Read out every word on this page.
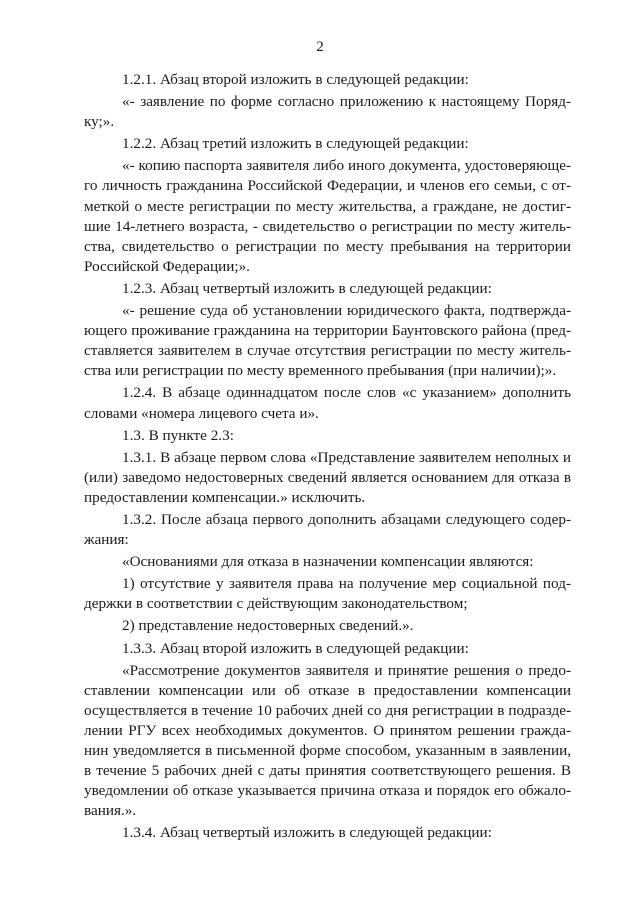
2

1.2.1. Абзац второй изложить в следующей редакции:

«- заявление по форме согласно приложению к настоящему Порядку;».

1.2.2. Абзац третий изложить в следующей редакции:

«- копию паспорта заявителя либо иного документа, удостоверяющего личность гражданина Российской Федерации, и членов его семьи, с отметкой о месте регистрации по месту жительства, а граждане, не достигшие 14-летнего возраста, - свидетельство о регистрации по месту жительства, свидетельство о регистрации по месту пребывания на территории Российской Федерации;».

1.2.3. Абзац четвертый изложить в следующей редакции:

«- решение суда об установлении юридического факта, подтверждающего проживание гражданина на территории Баунтовского района (представляется заявителем в случае отсутствия регистрации по месту жительства или регистрации по месту временного пребывания (при наличии);».

1.2.4. В абзаце одиннадцатом после слов «с указанием» дополнить словами «номера лицевого счета и».

1.3. В пункте 2.3:

1.3.1. В абзаце первом слова «Представление заявителем неполных и (или) заведомо недостоверных сведений является основанием для отказа в предоставлении компенсации.» исключить.

1.3.2. После абзаца первого дополнить абзацами следующего содержания:

«Основаниями для отказа в назначении компенсации являются:

1) отсутствие у заявителя права на получение мер социальной поддержки в соответствии с действующим законодательством;

2) представление недостоверных сведений.».

1.3.3. Абзац второй изложить в следующей редакции:

«Рассмотрение документов заявителя и принятие решения о предоставлении компенсации или об отказе в предоставлении компенсации осуществляется в течение 10 рабочих дней со дня регистрации в подразделении РГУ всех необходимых документов. О принятом решении гражданин уведомляется в письменной форме способом, указанным в заявлении, в течение 5 рабочих дней с даты принятия соответствующего решения. В уведомлении об отказе указывается причина отказа и порядок его обжалования.».

1.3.4. Абзац четвертый изложить в следующей редакции:
